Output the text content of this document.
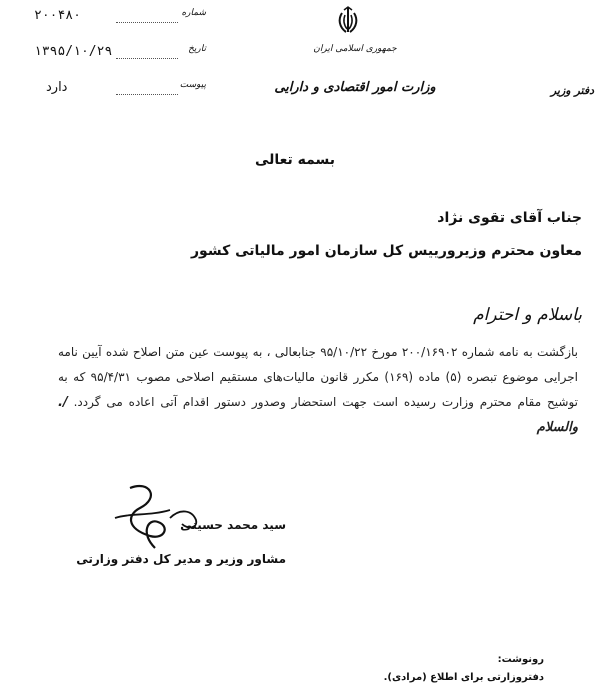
۲۰۰۴۸۰	شماره
۱۳۹۵/۱۰/۲۹	تاریخ
دارد	پیوست
جمهوری اسلامی ایران
وزارت امور اقتصادی و دارایی	دفتر وزیر
بسمه تعالی
جناب آقای تقوی نژاد
معاون محترم وزیرورییس کل سازمان امور مالیاتی کشور
باسلام و احترام
بازگشت به نامه شماره ۲۰۰/۱۶۹۰۲ مورخ ۹۵/۱۰/۲۲ جنابعالی ، به پیوست عین متن اصلاح شده آیین نامه اجرایی موضوع تبصره (۵) ماده (۱۶۹) مکرر قانون مالیات‌های مستقیم اصلاحی مصوب ۹۵/۴/۳۱ که به توشیح مقام محترم وزارت رسیده است جهت استحضار وصدور دستور اقدام آتی اعاده می گردد. /. والسلام
سید محمد حسینی
مشاور وزیر و مدیر کل دفتر وزارتی
رونوشت:
دفتروزارتی برای اطلاع (مرادی).
